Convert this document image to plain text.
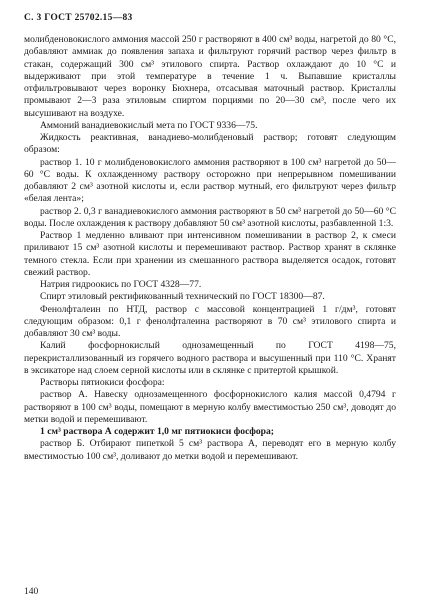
С. 3 ГОСТ 25702.15—83

молибденовокислого аммония массой 250 г растворяют в 400 см³ воды, нагретой до 80 °C, добавляют аммиак до появления запаха и фильтруют горячий раствор через фильтр в стакан, содержащий 300 см³ этилового спирта. Раствор охлаждают до 10 °C и выдерживают при этой температуре в течение 1 ч. Выпавшие кристаллы отфильтровывают через воронку Бюхнера, отсасывая маточный раствор. Кристаллы промывают 2—3 раза этиловым спиртом порциями по 20—30 см³, после чего их высушивают на воздухе.

Аммоний ванадиевокислый мета по ГОСТ 9336—75.

Жидкость реактивная, ванадиево-молибденовый раствор; готовят следующим образом:

раствор 1. 10 г молибденовокислого аммония растворяют в 100 см³ нагретой до 50—60 °C воды. К охлажденному раствору осторожно при непрерывном помешивании добавляют 2 см³ азотной кислоты и, если раствор мутный, его фильтруют через фильтр «белая лента»;

раствор 2. 0,3 г ванадиевокислого аммония растворяют в 50 см³ нагретой до 50—60 °C воды. После охлаждения к раствору добавляют 50 см³ азотной кислоты, разбавленной 1:3.

Раствор 1 медленно вливают при интенсивном помешивании в раствор 2, к смеси приливают 15 см³ азотной кислоты и перемешивают раствор. Раствор хранят в склянке темного стекла. Если при хранении из смешанного раствора выделяется осадок, готовят свежий раствор.

Натрия гидроокись по ГОСТ 4328—77.

Спирт этиловый ректификованный технический по ГОСТ 18300—87.

Фенолфталеин по НТД, раствор с массовой концентрацией 1 г/дм³, готовят следующим образом: 0,1 г фенолфталеина растворяют в 70 см³ этилового спирта и добавляют 30 см³ воды.

Калий фосфорнокислый однозамещенный по ГОСТ 4198—75, перекристаллизованный из горячего водного раствора и высушенный при 110 °C. Хранят в эксикаторе над слоем серной кислоты или в склянке с притертой крышкой.

Растворы пятиокиси фосфора:

раствор А. Навеску однозамещенного фосфорнокислого калия массой 0,4794 г растворяют в 100 см³ воды, помещают в мерную колбу вместимостью 250 см³, доводят до метки водой и перемешивают.

1 см³ раствора А содержит 1,0 мг пятиокиси фосфора;

раствор Б. Отбирают пипеткой 5 см³ раствора А, переводят его в мерную колбу вместимостью 100 см³, доливают до метки водой и перемешивают.

140
